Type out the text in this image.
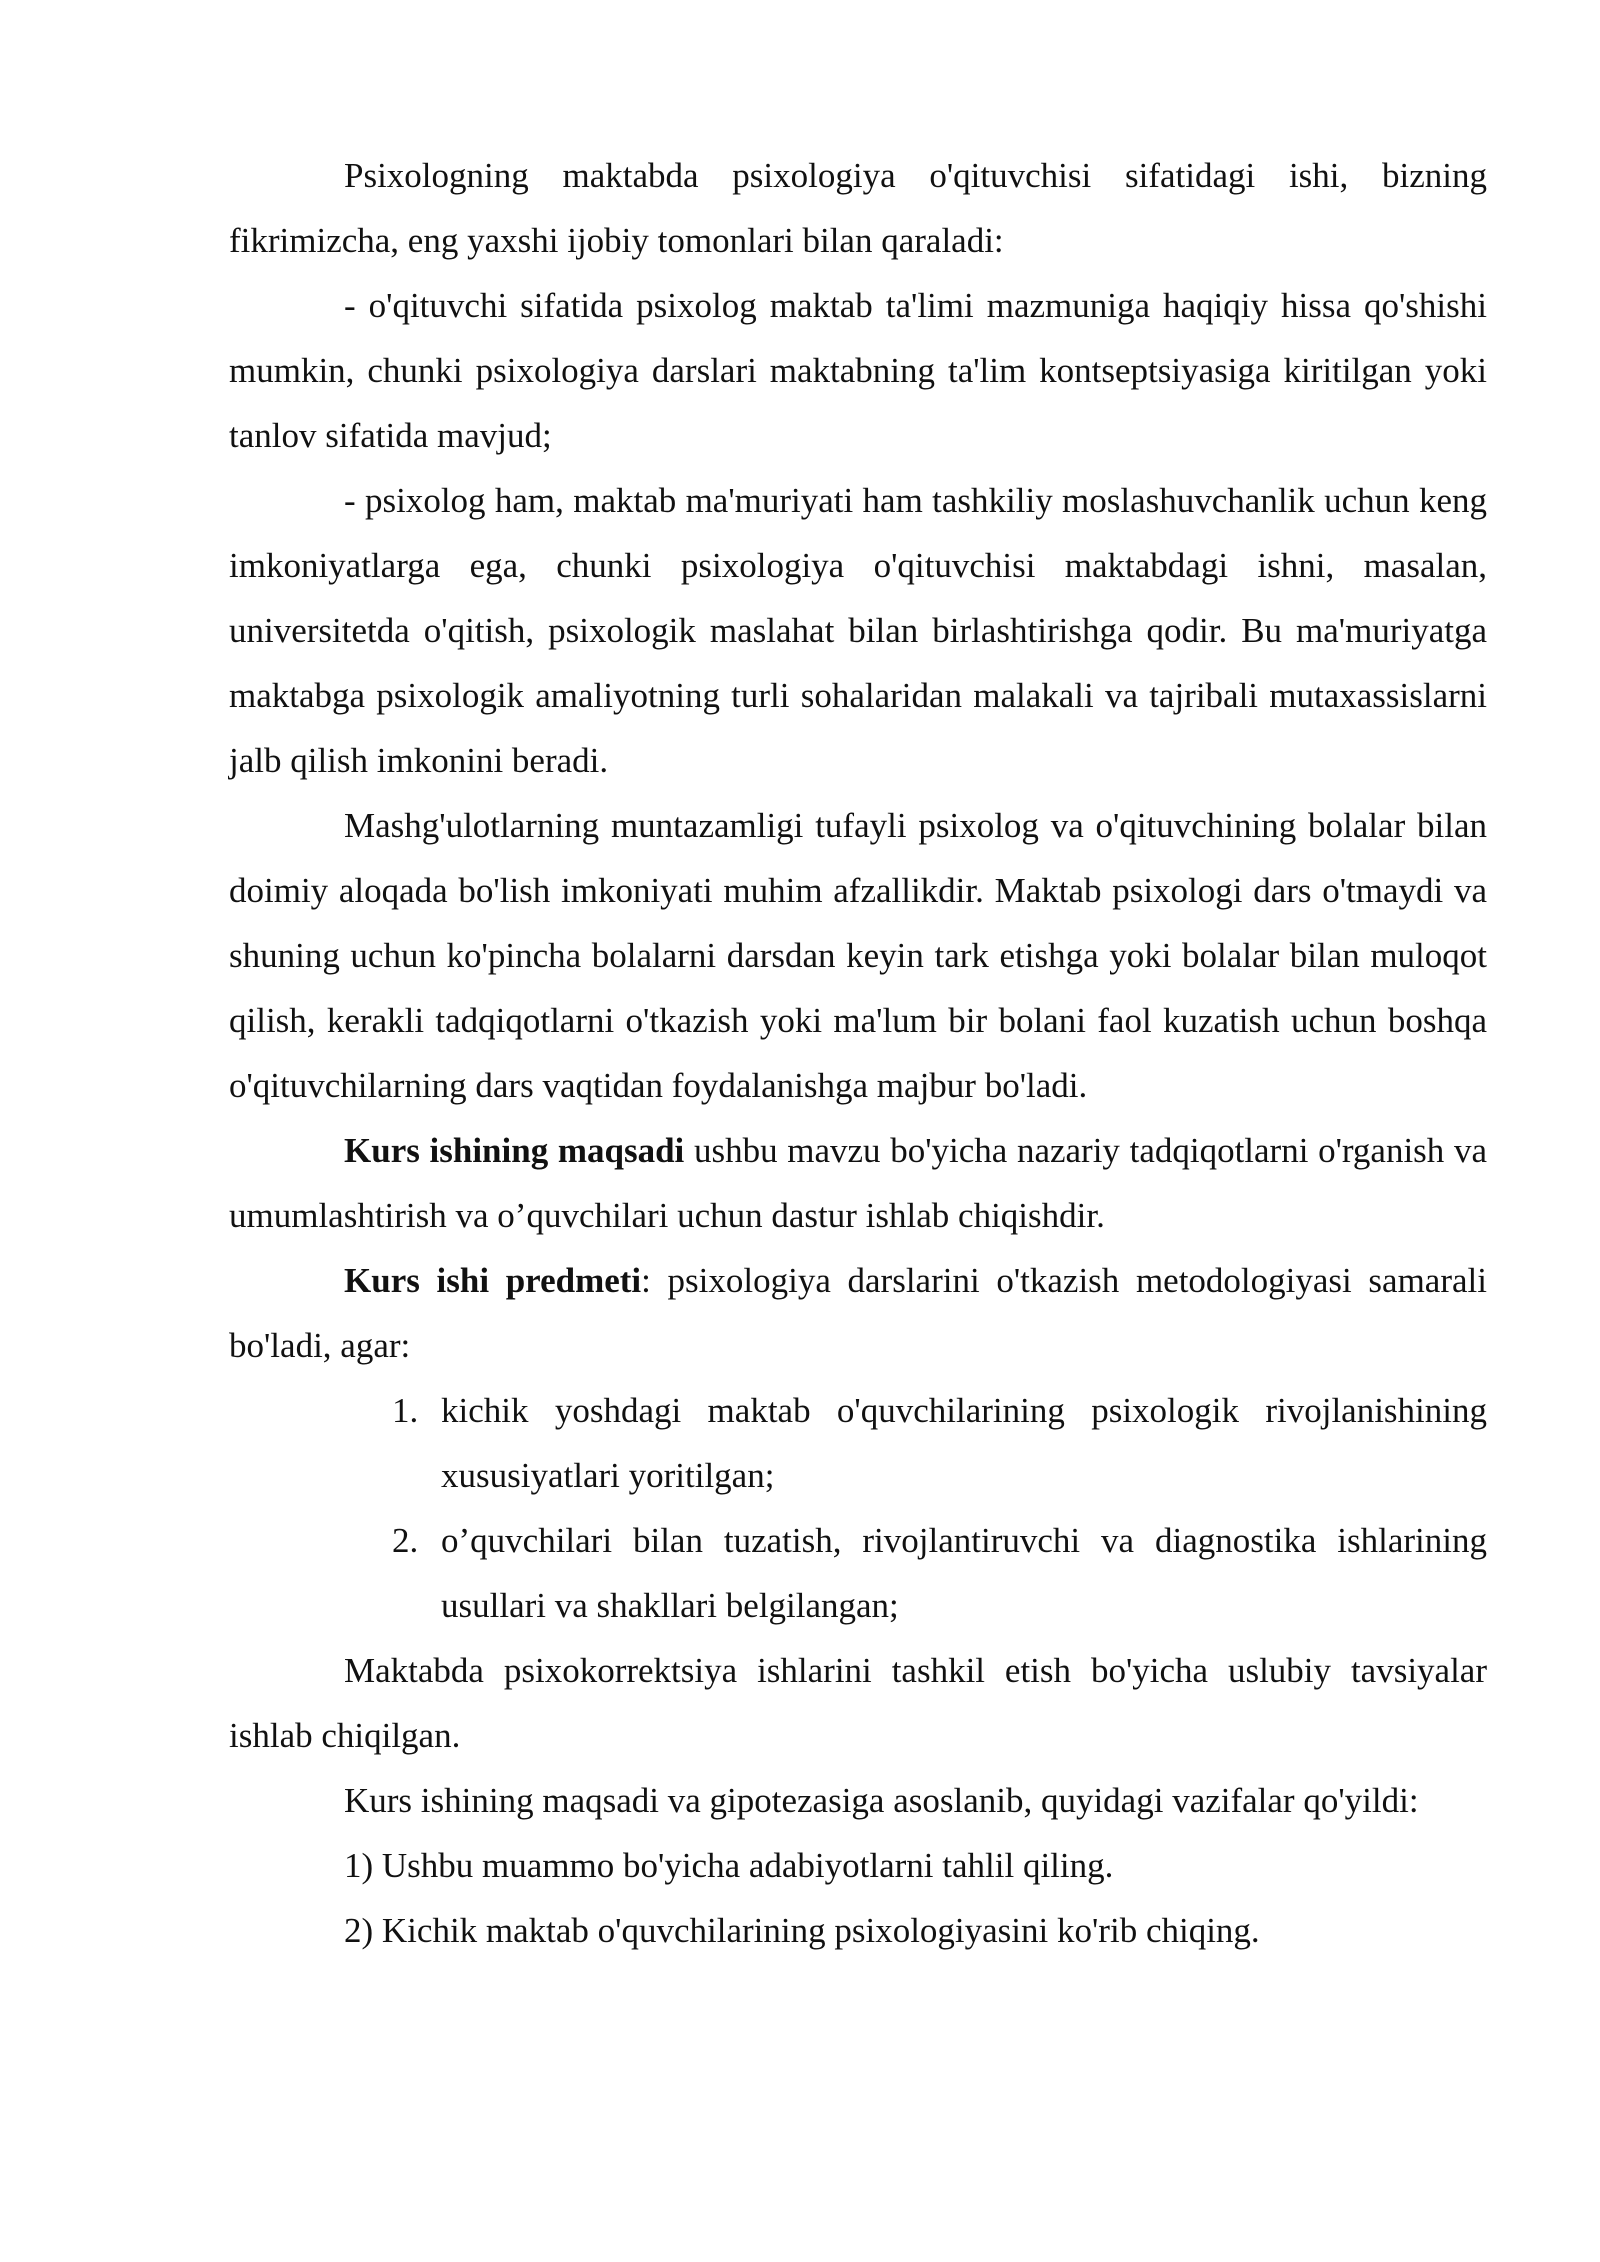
Psixologning maktabda psixologiya o'qituvchisi sifatidagi ishi, bizning fikrimizcha, eng yaxshi ijobiy tomonlari bilan qaraladi:

- o'qituvchi sifatida psixolog maktab ta'limi mazmuniga haqiqiy hissa qo'shishi mumkin, chunki psixologiya darslari maktabning ta'lim kontseptsiyasiga kiritilgan yoki tanlov sifatida mavjud;

- psixolog ham, maktab ma'muriyati ham tashkiliy moslashuvchanlik uchun keng imkoniyatlarga ega, chunki psixologiya o'qituvchisi maktabdagi ishni, masalan, universitetda o'qitish, psixologik maslahat bilan birlashtirishga qodir. Bu ma'muriyatga maktabga psixologik amaliyotning turli sohalaridan malakali va tajribali mutaxassislarni jalb qilish imkonini beradi.

Mashg'ulotlarning muntazamligi tufayli psixolog va o'qituvchining bolalar bilan doimiy aloqada bo'lish imkoniyati muhim afzallikdir. Maktab psixologi dars o'tmaydi va shuning uchun ko'pincha bolalarni darsdan keyin tark etishga yoki bolalar bilan muloqot qilish, kerakli tadqiqotlarni o'tkazish yoki ma'lum bir bolani faol kuzatish uchun boshqa o'qituvchilarning dars vaqtidan foydalanishga majbur bo'ladi.

Kurs ishining maqsadi ushbu mavzu bo'yicha nazariy tadqiqotlarni o'rganish va umumlashtirish va o’quvchilari uchun dastur ishlab chiqishdir.

Kurs ishi predmeti: psixologiya darslarini o'tkazish metodologiyasi samarali bo'ladi, agar:

1. kichik yoshdagi maktab o'quvchilarining psixologik rivojlanishining xususiyatlari yoritilgan;
2. o’quvchilari bilan tuzatish, rivojlantiruvchi va diagnostika ishlarining usullari va shakllari belgilangan;

Maktabda psixokorrektsiya ishlarini tashkil etish bo'yicha uslubiy tavsiyalar ishlab chiqilgan.

Kurs ishining maqsadi va gipotezasiga asoslanib, quyidagi vazifalar qo'yildi:

1) Ushbu muammo bo'yicha adabiyotlarni tahlil qiling.

2) Kichik maktab o'quvchilarining psixologiyasini ko'rib chiqing.
